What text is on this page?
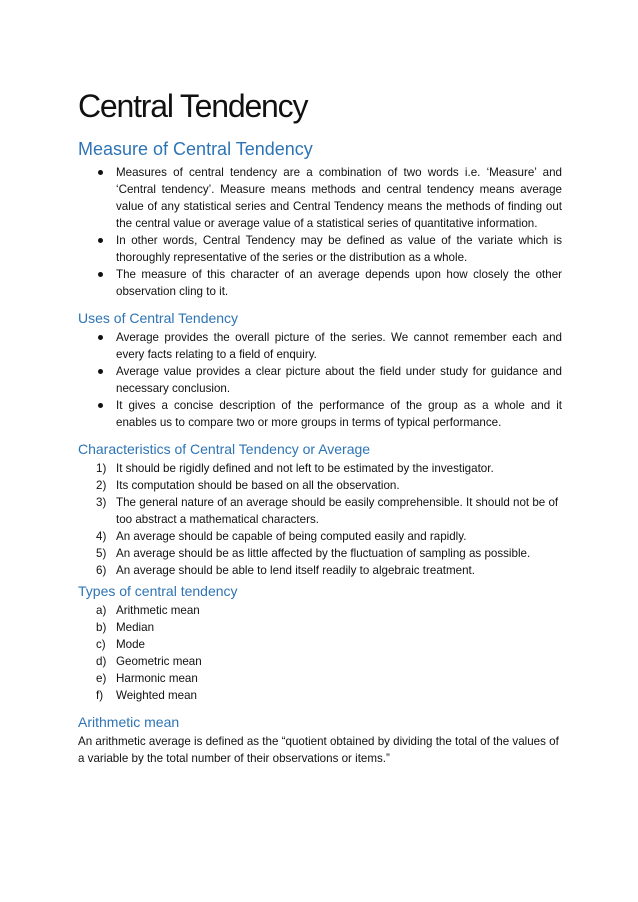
Central Tendency
Measure of Central Tendency
Measures of central tendency are a combination of two words i.e. ‘Measure’ and ‘Central tendency’. Measure means methods and central tendency means average value of any statistical series and Central Tendency means the methods of finding out the central value or average value of a statistical series of quantitative information.
In other words, Central Tendency may be defined as value of the variate which is thoroughly representative of the series or the distribution as a whole.
The measure of this character of an average depends upon how closely the other observation cling to it.
Uses of Central Tendency
Average provides the overall picture of the series. We cannot remember each and every facts relating to a field of enquiry.
Average value provides a clear picture about the field under study for guidance and necessary conclusion.
It gives a concise description of the performance of the group as a whole and it enables us to compare two or more groups in terms of typical performance.
Characteristics of Central Tendency or Average
1) It should be rigidly defined and not left to be estimated by the investigator.
2) Its computation should be based on all the observation.
3) The general nature of an average should be easily comprehensible. It should not be of too abstract a mathematical characters.
4) An average should be capable of being computed easily and rapidly.
5) An average should be as little affected by the fluctuation of sampling as possible.
6) An average should be able to lend itself readily to algebraic treatment.
Types of central tendency
a) Arithmetic mean
b) Median
c) Mode
d) Geometric mean
e) Harmonic mean
f) Weighted mean
Arithmetic mean

An arithmetic average is defined as the “quotient obtained by dividing the total of the values of a variable by the total number of their observations or items.”
